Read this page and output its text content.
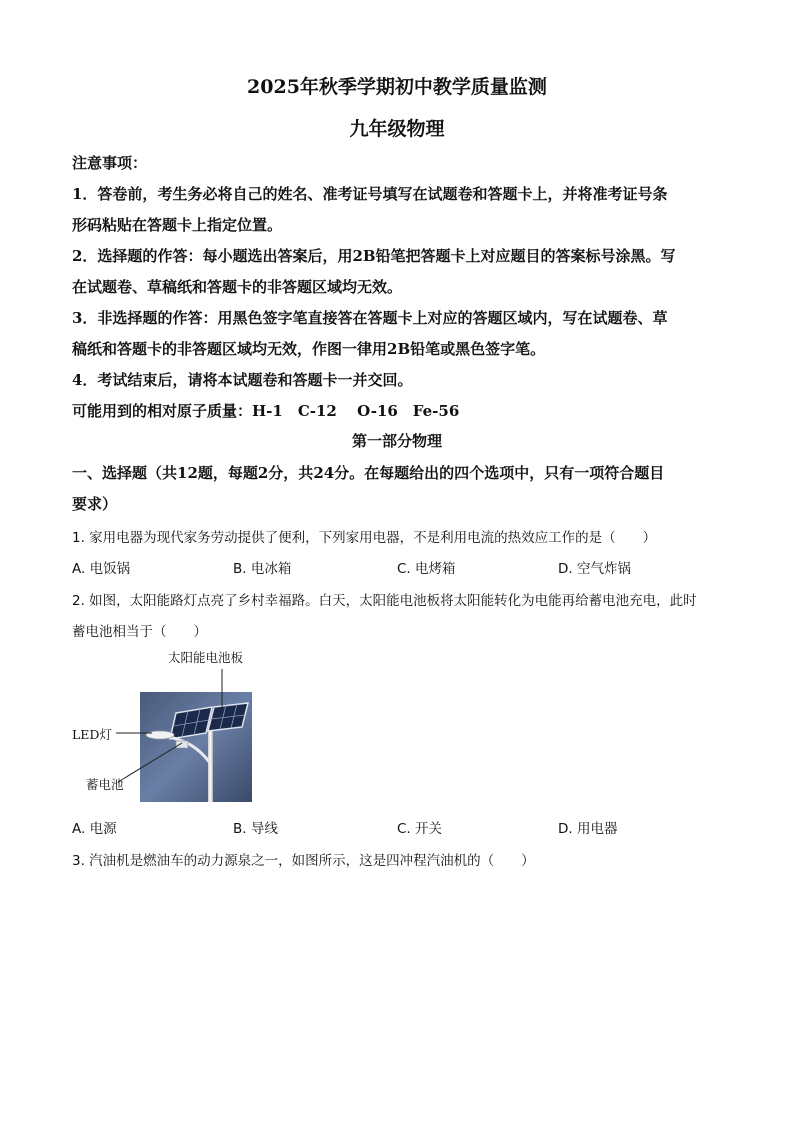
2025年秋季学期初中教学质量监测
九年级物理
注意事项：
1．答卷前，考生务必将自己的姓名、准考证号填写在试题卷和答题卡上，并将准考证号条
形码粘贴在答题卡上指定位置。
2．选择题的作答：每小题选出答案后，用2B铅笔把答题卡上对应题目的答案标号涂黑。写
在试题卷、草稿纸和答题卡的非答题区域均无效。
3．非选择题的作答：用黑色签字笔直接答在答题卡上对应的答题区域内，写在试题卷、草
稿纸和答题卡的非答题区域均无效，作图一律用2B铅笔或黑色签字笔。
4．考试结束后，请将本试题卷和答题卡一并交回。
可能用到的相对原子质量：H-1　C-12　 O-16　Fe-56
第一部分物理
一、选择题（共12题，每题2分，共24分。在每题给出的四个选项中，只有一项符合题目
要求）
1. 家用电器为现代家务劳动提供了便利，下列家用电器，不是利用电流的热效应工作的是（　　）
A. 电饭锅	B. 电冰箱	C. 电烤箱	D. 空气炸锅
2. 如图，太阳能路灯点亮了乡村幸福路。白天，太阳能电池板将太阳能转化为电能再给蓄电池充电，此时
蓄电池相当于（　　）
太阳能电池板
LED灯
蓄电池
A. 电源	B. 导线	C. 开关	D. 用电器
3. 汽油机是燃油车的动力源泉之一，如图所示，这是四冲程汽油机的（　　）
